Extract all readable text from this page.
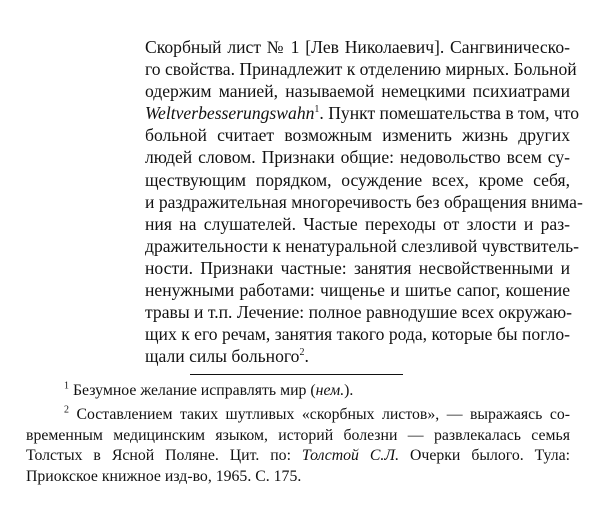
Скорбный лист № 1 [Лев Николаевич]. Сангвиническо-
го свойства. Принадлежит к отделению мирных. Больной
одержим манией, называемой немецкими психиатрами
Weltverbesserungswahn$^1$. Пункт помешательства в том, что
больной считает возможным изменить жизнь других
людей словом. Признаки общие: недовольство всем су-
ществующим порядком, осуждение всех, кроме себя,
и раздражительная многоречивость без обращения внима-
ния на слушателей. Частые переходы от злости и раз-
дражительности к ненатуральной слезливой чувствитель-
ности. Признаки частные: занятия несвойственными и
ненужными работами: чищенье и шитье сапог, кошение
травы и т.п. Лечение: полное равнодушие всех окружаю-
щих к его речам, занятия такого рода, которые бы погло-
щали силы больного$^2$.
$^1$ Безумное желание исправлять мир (нем.).
$^2$ Составлением таких шутливых «скорбных листов», — выражаясь со-
временным медицинским языком, историй болезни — развлекалась семья
Толстых в Ясной Поляне. Цит. по: Толстой С.Л. Очерки былого. Тула:
Приокское книжное изд-во, 1965. С. 175.
